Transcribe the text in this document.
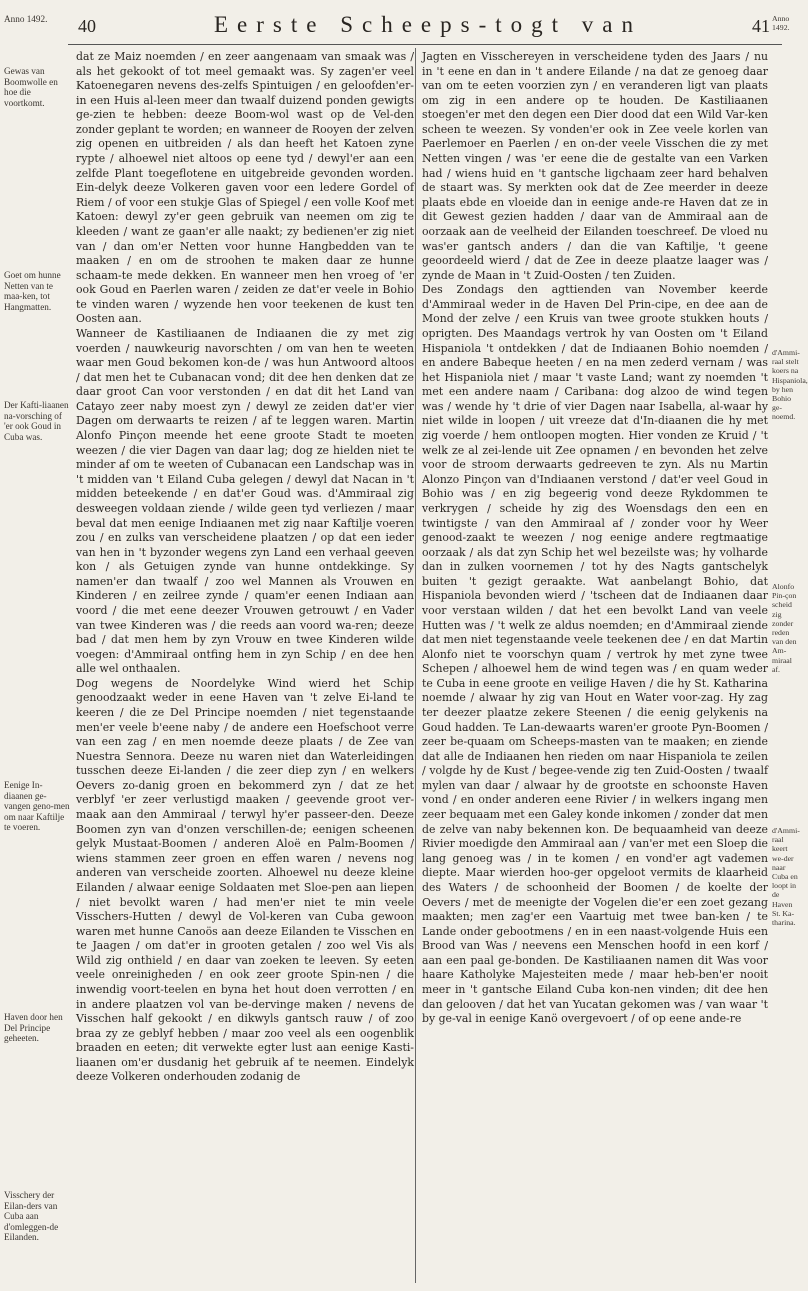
40	Eerste Scheeps-togt van	41

dat ze Maiz noemden / en zeer aangenaam van smaak was / als het gekookt of tot meel gemaakt was. Sy zagen'er veel Katoenegaren nevens des-zelfs Spintuigen / en geloofden'er-in een Huis al-leen meer dan twaalf duizend ponden gewigts ge-zien te hebben: deeze Boom-wol wast op de Vel-den zonder geplant te worden; en wanneer de Rooyen der zelven zig openen en uitbreiden / als dan heeft het Katoen zyne rypte / alhoewel niet altoos op eene tyd / dewyl'er aan een zelfde Plant toegeflotene en uitgebreide gevonden worden. Ein-delyk deeze Volkeren gaven voor een ledere Gordel of Riem / of voor een stukje Glas of Spiegel / een volle Koof met Katoen: dewyl zy'er geen gebruik van neemen om zig te kleeden / want ze gaan'er alle naakt; zy bedienen'er zig niet van / dan om'er Netten voor hunne Hangbedden van te maaken / en om de stroohen te maken daar ze hunne schaam-te mede dekken. En wanneer men hen vroeg of 'er ook Goud en Paerlen waren / zeiden ze dat'er veele in Bohio te vinden waren / wyzende hen voor teekenen de kust ten Oosten aan.

Wanneer de Kastiliaanen de Indiaanen die zy met zig voerden / nauwkeurig navorschten / om van hen te weeten waar men Goud bekomen kon-de / was hun Antwoord altoos / dat men het te Cubanacan vond; dit dee hen denken dat ze daar groot Can voor verstonden / en dat dit het Land van Catayo zeer naby moest zyn / dewyl ze zeiden dat'er vier Dagen om derwaarts te reizen / af te leggen waren. Martin Alonfo Pinçon meende het eene groote Stadt te moeten weezen / die vier Dagen van daar lag; dog ze hielden niet te minder af om te weeten of Cubanacan een Landschap was in 't midden van 't Eiland Cuba gelegen / dewyl dat Nacan in 't midden beteekende / en dat'er Goud was. d'Ammiraal zig desweegen voldaan ziende / wilde geen tyd verliezen / maar beval dat men eenige Indiaanen met zig naar Kaftilje voeren zou / en zulks van verscheidene plaatzen / op dat een ieder van hen in 't byzonder wegens zyn Land een verhaal geeven kon / als Getuigen zynde van hunne ontdekkinge. Sy namen'er dan twaalf / zoo wel Mannen als Vrouwen en Kinderen / en zeilree zynde / quam'er eenen Indiaan aan voord / die met eene deezer Vrouwen getrouwt / en Vader van twee Kinderen was / die reeds aan voord wa-ren; deeze bad / dat men hem by zyn Vrouw en twee Kinderen wilde voegen: d'Ammiraal ontfing hem in zyn Schip / en dee hen alle wel onthaalen.

Dog wegens de Noordelyke Wind wierd het Schip genoodzaakt weder in eene Haven van 't zelve Ei-land te keeren / die ze Del Principe noemden / niet tegenstaande men'er veele b'eene naby / de andere een Hoefschoot verre van een zag / en men noemde deeze plaats / de Zee van Nuestra Sennora. Deeze nu waren niet dan Waterleidingen tusschen deeze Ei-landen / die zeer diep zyn / en welkers Oevers zo-danig groen en bekommerd zyn / dat ze het verblyf 'er zeer verlustigd maaken / geevende groot ver-maak aan den Ammiraal / terwyl hy'er passeer-den. Deeze Boomen zyn van d'onzen verschillen-de; eenigen scheenen gelyk Mustaat-Boomen / anderen Aloë en Palm-Boomen / wiens stammen zeer groen en effen waren / nevens nog anderen van verscheide zoorten. Alhoewel nu deeze kleine Eilanden / alwaar eenige Soldaaten met Sloe-pen aan liepen / niet bevolkt waren / had men'er niet te min veele Visschers-Hutten / dewyl de Vol-keren van Cuba gewoon waren met hunne Canoös aan deeze Eilanden te Visschen en te Jaagen / om dat'er in grooten getalen / zoo wel Vis als Wild zig onthield / en daar van zoeken te leeven. Sy eeten veele onreinigheden / en ook zeer groote Spin-nen / die inwendig voort-teelen en byna het hout doen verrotten / en in andere plaatzen vol van be-dervinge maken / nevens de Visschen half gekookt / en dikwyls gantsch rauw / of zoo braa zy ze geblyf hebben / maar zoo veel als een oogenblik braaden en eeten; dit verwekte egter lust aan eenige Kasti-liaanen om'er dusdanig het gebruik af te neemen. Eindelyk deeze Volkeren onderhouden zodanig de

Jagten en Visschereyen in verscheidene tyden des Jaars / nu in 't eene en dan in 't andere Eilande / na dat ze genoeg daar van om te eeten voorzien zyn / en veranderen ligt van plaats om zig in een andere op te houden. De Kastiliaanen stoegen'er met den degen een Dier dood dat een Wild Var-ken scheen te weezen. Sy vonden'er ook in Zee veele korlen van Paerlemoer en Paerlen / en on-der veele Visschen die zy met Netten vingen / was 'er eene die de gestalte van een Varken had / wiens huid en 't gantsche ligchaam zeer hard behalven de staart was. Sy merkten ook dat de Zee meerder in deeze plaats ebde en vloeide dan in eenige ande-re Haven dat ze in dit Gewest gezien hadden / daar van de Ammiraal aan de oorzaak aan de veelheid der Eilanden toeschreef. De vloed nu was'er gantsch anders / dan die van Kaftilje, 't geene geoordeeld wierd / dat de Zee in deeze plaatze laager was / zynde de Maan in 't Zuid-Oosten / ten Zuiden.

Des Zondags den agttienden van November keerde d'Ammiraal weder in de Haven Del Prin-cipe, en dee aan de Mond der zelve / een Kruis van twee groote stukken houts / oprigten. Des Maandags vertrok hy van Oosten om 't Eiland Hispaniola 't ontdekken / dat de Indiaanen Bohio noemden / en andere Babeque heeten / en na men zederd vernam / was het Hispaniola niet / maar 't vaste Land; want zy noemden 't met een andere naam / Caribana: dog alzoo de wind tegen was / wende hy 't drie of vier Dagen naar Isabella, al-waar hy niet wilde in loopen / uit vreeze dat d'In-diaanen die hy met zig voerde / hem ontloopen mogten. Hier vonden ze Kruid / 't welk ze al zei-lende uit Zee opnamen / en bevonden het zelve voor de stroom derwaarts gedreeven te zyn. Als nu Martin Alonzo Pinçon van d'Indiaanen verstond / dat'er veel Goud in Bohio was / en zig begeerig vond deeze Rykdommen te verkrygen / scheide hy zig des Woensdags den een en twintigste / van den Ammiraal af / zonder voor hy Weer genood-zaakt te weezen / nog eenige andere regtmaatige oorzaak / als dat zyn Schip het wel bezeilste was; hy volharde dan in zulken voornemen / tot hy des Nagts gantschelyk buiten 't gezigt geraakte. Wat aanbelangt Bohio, dat Hispaniola bevonden wierd / 'tscheen dat de Indiaanen daar voor verstaan wilden / dat het een bevolkt Land van veele Hutten was / 't welk ze aldus noemden; en d'Ammiraal ziende dat men niet tegenstaande veele teekenen dee / en dat Martin Alonfo niet te voorschyn quam / vertrok hy met zyne twee Schepen / alhoewel hem de wind tegen was / en quam weder te Cuba in eene groote en veilige Haven / die hy St. Katharina noemde / alwaar hy zig van Hout en Water voor-zag. Hy zag ter deezer plaatze zekere Steenen / die eenig gelykenis na Goud hadden. Te Lan-dewaarts waren'er groote Pyn-Boomen / zeer be-quaam om Scheeps-masten van te maaken; en ziende dat alle de Indiaanen hen rieden om naar Hispaniola te zeilen / volgde hy de Kust / begee-vende zig ten Zuid-Oosten / twaalf mylen van daar / alwaar hy de grootste en schoonste Haven vond / en onder anderen eene Rivier / in welkers ingang men zeer bequaam met een Galey konde inkomen / zonder dat men de zelve van naby bekennen kon. De bequaamheid van deeze Rivier moedigde den Ammiraal aan / van'er met een Sloep die lang genoeg was / in te komen / en vond'er agt vademen diepte. Maar wierden hoo-ger opgeloot vermits de klaarheid des Waters / de schoonheid der Boomen / de koelte der Oevers / met de meenigte der Vogelen die'er een zoet gezang maakten; men zag'er een Vaartuig met twee ban-ken / te Lande onder gebootmens / en in een naast-volgende Huis een Brood van Was / neevens een Menschen hoofd in een korf / aan een paal ge-bonden. De Kastiliaanen namen dit Was voor haare Katholyke Majesteiten mede / maar heb-ben'er nooit meer in 't gantsche Eiland Cuba kon-nen vinden; dit dee hen dan gelooven / dat het van Yucatan gekomen was / van waar 't by ge-val in eenige Kanö overgevoert / of op eene ande-re

Anno 1492.
Gewas van Boomwolle en hoe die voortkomt.
Goet om hunne Netten van te maa-ken, tot Hangmatten.
Der Kafti-liaanen na-vorsching of 'er ook Goud in Cuba was.
Eenige In-diaanen ge-vangen geno-men om naar Kaftilje te voeren.
Haven door hen Del Principe geheeten.
Visschery der Eilan-ders van Cuba aan d'omleggen-de Eilanden.
Anno 1492.
d'Ammi-raal stelt koers na Hispaniola, by hen Bohio ge-noemd.
Alonfo Pin-çon scheid zig zonder reden van den Am-miraal af.
d'Ammi-raal keert we-der naar Cuba en loopt in de Haven St. Ka-tharina.
